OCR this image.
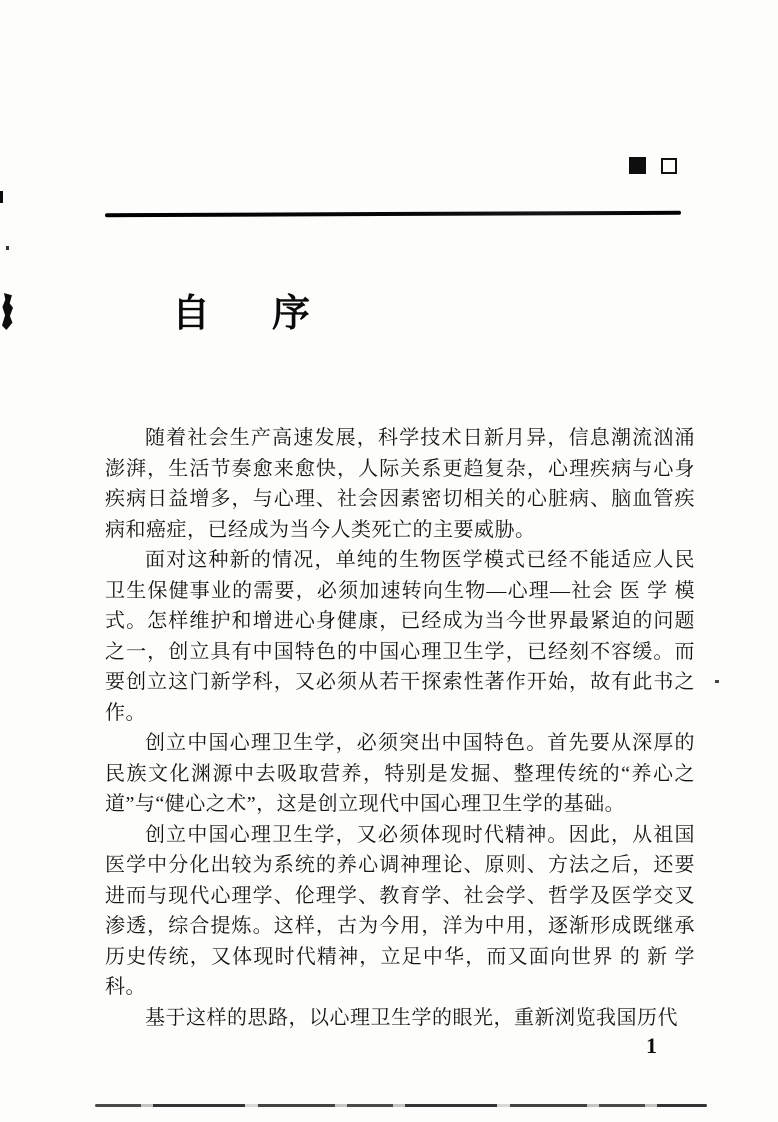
自　序
随着社会生产高速发展，科学技术日新月异，信息潮流汹涌
澎湃，生活节奏愈来愈快，人际关系更趋复杂，心理疾病与心身
疾病日益增多，与心理、社会因素密切相关的心脏病、脑血管疾
病和癌症，已经成为当今人类死亡的主要威胁。
面对这种新的情况，单纯的生物医学模式已经不能适应人民
卫生保健事业的需要，必须加速转向生物—心理—社会 医 学 模
式。怎样维护和增进心身健康，已经成为当今世界最紧迫的问题
之一，创立具有中国特色的中国心理卫生学，已经刻不容缓。而
要创立这门新学科，又必须从若干探索性著作开始，故有此书之
作。
创立中国心理卫生学，必须突出中国特色。首先要从深厚的
民族文化渊源中去吸取营养，特别是发掘、整理传统的“养心之
道”与“健心之术”，这是创立现代中国心理卫生学的基础。
创立中国心理卫生学，又必须体现时代精神。因此，从祖国
医学中分化出较为系统的养心调神理论、原则、方法之后，还要
进而与现代心理学、伦理学、教育学、社会学、哲学及医学交叉
渗透，综合提炼。这样，古为今用，洋为中用，逐渐形成既继承
历史传统，又体现时代精神，立足中华，而又面向世界 的 新 学
科。
基于这样的思路，以心理卫生学的眼光，重新浏览我国历代
1
